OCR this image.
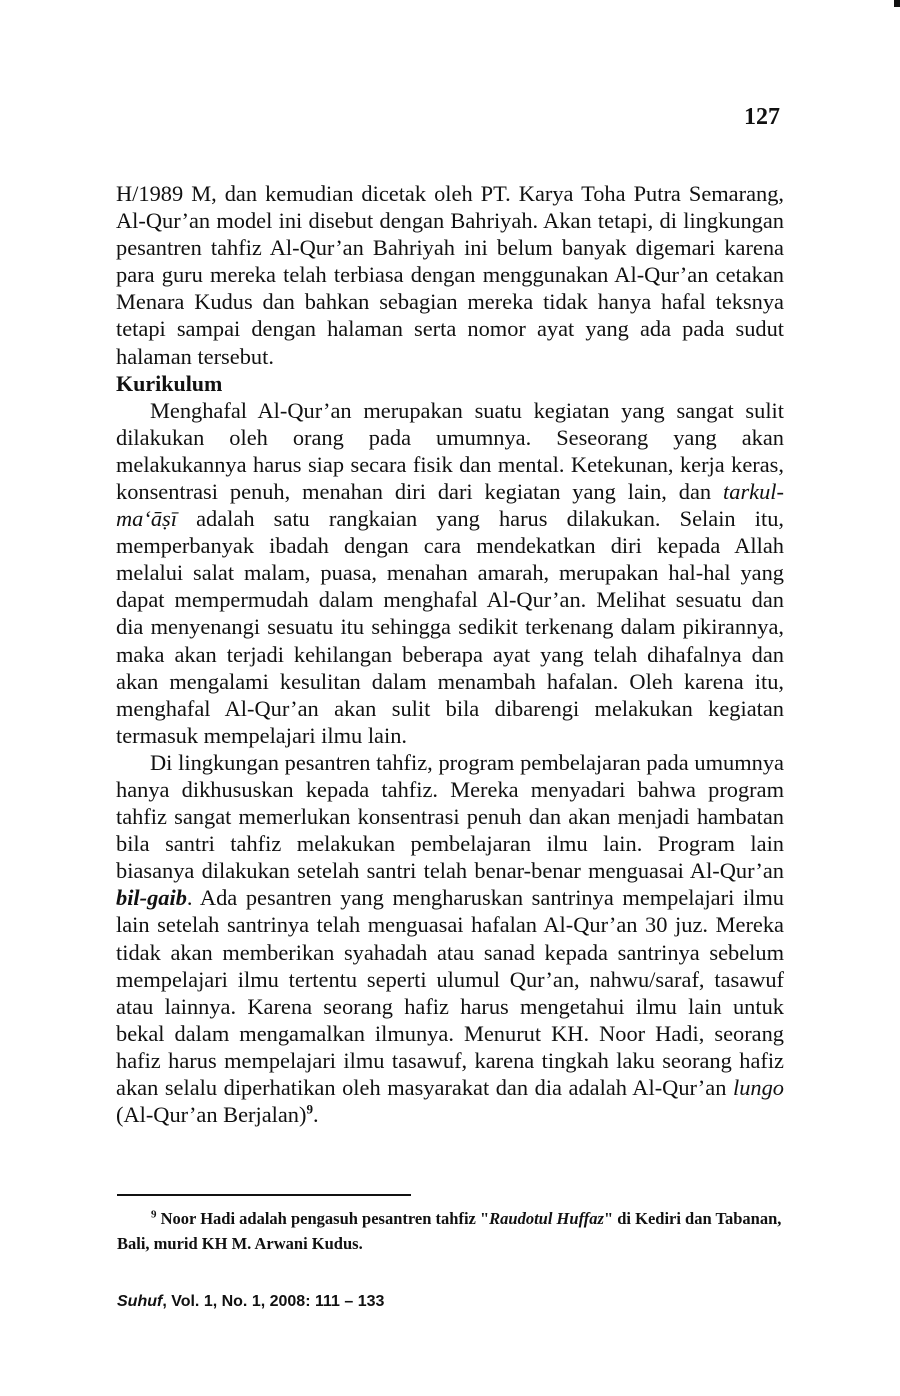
127

H/1989 M, dan kemudian dicetak oleh PT. Karya Toha Putra Semarang, Al-Qur’an model ini disebut dengan Bahriyah. Akan tetapi, di lingkungan pesantren tahfiz Al-Qur’an Bahriyah ini belum banyak digemari karena para guru mereka telah terbiasa dengan menggunakan Al-Qur’an cetakan Menara Kudus dan bahkan sebagian mereka tidak hanya hafal teksnya tetapi sampai dengan halaman serta nomor ayat yang ada pada sudut halaman tersebut.

Kurikulum

Menghafal Al-Qur’an merupakan suatu kegiatan yang sangat sulit dilakukan oleh orang pada umumnya. Seseorang yang akan melakukannya harus siap secara fisik dan mental. Ketekunan, kerja keras, konsentrasi penuh, menahan diri dari kegiatan yang lain, dan tarkul-ma‘āṣī adalah satu rangkaian yang harus dilakukan. Selain itu, memperbanyak ibadah dengan cara mendekatkan diri kepada Allah melalui salat malam, puasa, menahan amarah, merupakan hal-hal yang dapat mempermudah dalam menghafal Al-Qur’an. Melihat sesuatu dan dia menyenangi sesuatu itu sehingga sedikit terkenang dalam pikirannya, maka akan terjadi kehilangan beberapa ayat yang telah dihafalnya dan akan mengalami kesulitan dalam menambah hafalan. Oleh karena itu, menghafal Al-Qur’an akan sulit bila dibarengi melakukan kegiatan termasuk mempelajari ilmu lain.

Di lingkungan pesantren tahfiz, program pembelajaran pada umumnya hanya dikhususkan kepada tahfiz. Mereka menyadari bahwa program tahfiz sangat memerlukan konsentrasi penuh dan akan menjadi hambatan bila santri tahfiz melakukan pembelajaran ilmu lain. Program lain biasanya dilakukan setelah santri telah benar-benar menguasai Al-Qur’an bil-gaib. Ada pesantren yang mengharuskan santrinya mempelajari ilmu lain setelah santrinya telah menguasai hafalan Al-Qur’an 30 juz. Mereka tidak akan memberikan syahadah atau sanad kepada santrinya sebelum mempelajari ilmu tertentu seperti ulumul Qur’an, nahwu/saraf, tasawuf atau lainnya. Karena seorang hafiz harus mengetahui ilmu lain untuk bekal dalam mengamalkan ilmunya. Menurut KH. Noor Hadi, seorang hafiz harus mempelajari ilmu tasawuf, karena tingkah laku seorang hafiz akan selalu diperhatikan oleh masyarakat dan dia adalah Al-Qur’an lungo (Al-Qur’an Berjalan)$^9$.

$^9$ Noor Hadi adalah pengasuh pesantren tahfiz "Raudotul Huffaz" di Kediri dan Tabanan, Bali, murid KH M. Arwani Kudus.
Suhuf, Vol. 1, No. 1, 2008: 111 – 133
